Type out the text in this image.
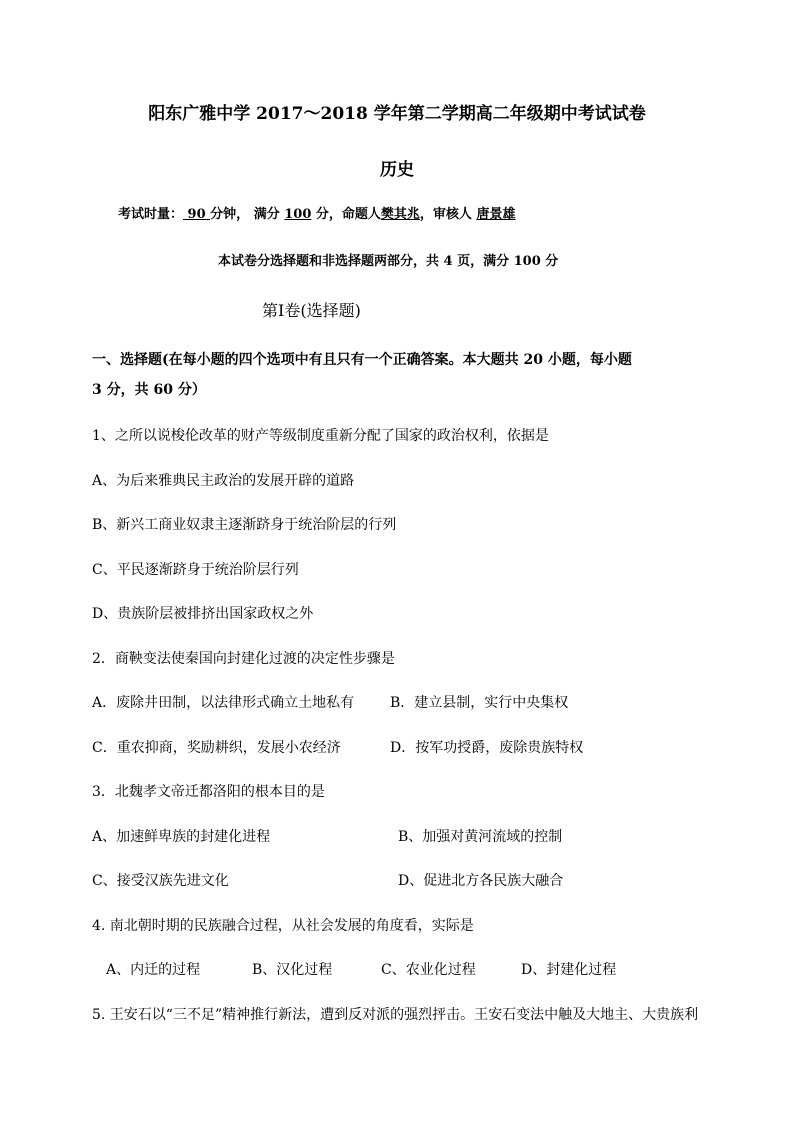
阳东广雅中学 2017～2018 学年第二学期高二年级期中考试试卷
历史
考试时量： 90 分钟， 满分 100 分，命题人樊其兆，审核人 唐景雄
本试卷分选择题和非选择题两部分，共 4 页，满分 100 分
第Ⅰ卷(选择题)
一、选择题(在每小题的四个选项中有且只有一个正确答案。本大题共 20 小题，每小题
3 分，共 60 分）
1、之所以说梭伦改革的财产等级制度重新分配了国家的政治权利，依据是
A、为后来雅典民主政治的发展开辟的道路
B、新兴工商业奴隶主逐渐跻身于统治阶层的行列
C、平民逐渐跻身于统治阶层行列
D、贵族阶层被排挤出国家政权之外
2．商鞅变法使秦国向封建化过渡的决定性步骤是
A．废除井田制，以法律形式确立土地私有	B．建立县制，实行中央集权
C．重农抑商，奖励耕织，发展小农经济	D．按军功授爵，废除贵族特权
3．北魏孝文帝迁都洛阳的根本目的是
A、加速鲜卑族的封建化进程	B、加强对黄河流域的控制
C、接受汉族先进文化	D、促进北方各民族大融合
4. 南北朝时期的民族融合过程，从社会发展的角度看，实际是
A、内迁的过程	B、汉化过程	C、农业化过程	D、封建化过程
5. 王安石以“三不足”精神推行新法，遭到反对派的强烈抨击。王安石变法中触及大地主、大贵族利
